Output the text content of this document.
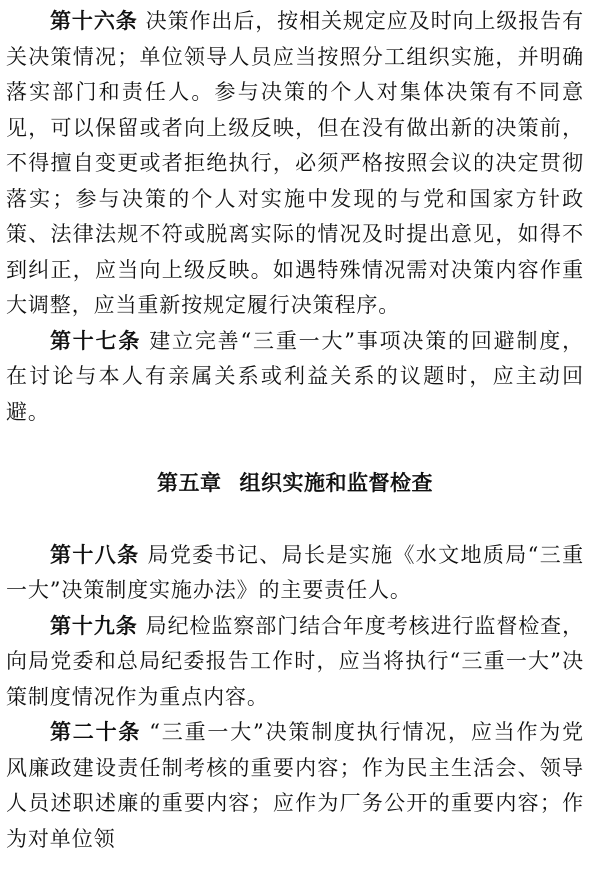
第十六条 决策作出后，按相关规定应及时向上级报告有关决策情况；单位领导人员应当按照分工组织实施，并明确落实部门和责任人。参与决策的个人对集体决策有不同意见，可以保留或者向上级反映，但在没有做出新的决策前，不得擅自变更或者拒绝执行，必须严格按照会议的决定贯彻落实；参与决策的个人对实施中发现的与党和国家方针政策、法律法规不符或脱离实际的情况及时提出意见，如得不到纠正，应当向上级反映。如遇特殊情况需对决策内容作重大调整，应当重新按规定履行决策程序。

第十七条 建立完善“三重一大”事项决策的回避制度，在讨论与本人有亲属关系或利益关系的议题时，应主动回避。

第五章 组织实施和监督检查

第十八条 局党委书记、局长是实施《水文地质局“三重一大”决策制度实施办法》的主要责任人。

第十九条 局纪检监察部门结合年度考核进行监督检查，向局党委和总局纪委报告工作时，应当将执行“三重一大”决策制度情况作为重点内容。

第二十条 “三重一大”决策制度执行情况，应当作为党风廉政建设责任制考核的重要内容；作为民主生活会、领导人员述职述廉的重要内容；应作为厂务公开的重要内容；作为对单位领
